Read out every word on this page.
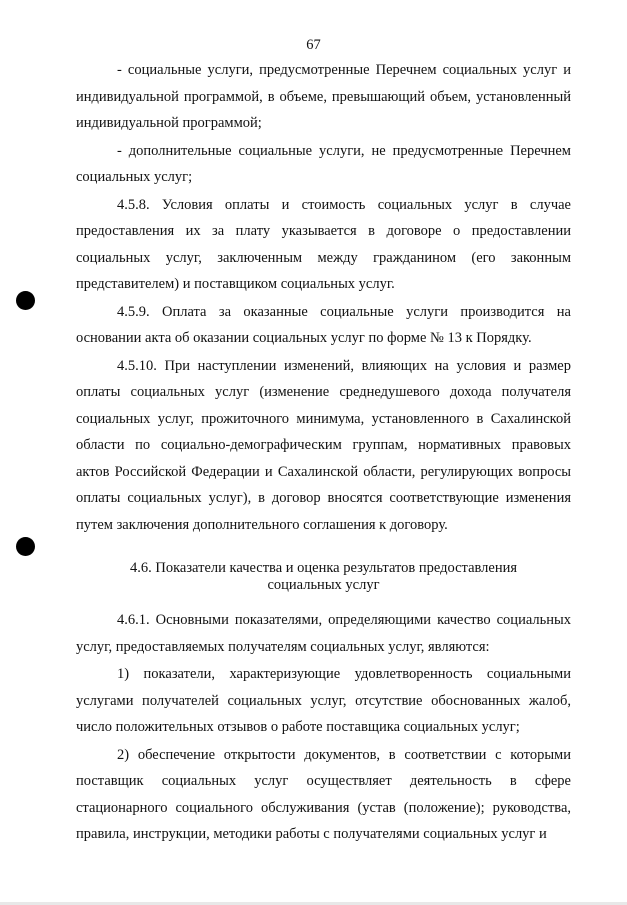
67

- социальные услуги, предусмотренные Перечнем социальных услуг и индивидуальной программой, в объеме, превышающий объем, установленный индивидуальной программой;

- дополнительные социальные услуги, не предусмотренные Перечнем социальных услуг;

4.5.8. Условия оплаты и стоимость социальных услуг в случае предоставления их за плату указывается в договоре о предоставлении социальных услуг, заключенным между гражданином (его законным представителем) и поставщиком социальных услуг.

4.5.9. Оплата за оказанные социальные услуги производится на основании акта об оказании социальных услуг по форме № 13 к Порядку.

4.5.10. При наступлении изменений, влияющих на условия и размер оплаты социальных услуг (изменение среднедушевого дохода получателя социальных услуг, прожиточного минимума, установленного в Сахалинской области по социально-демографическим группам, нормативных правовых актов Российской Федерации и Сахалинской области, регулирующих вопросы оплаты социальных услуг), в договор вносятся соответствующие изменения путем заключения дополнительного соглашения к договору.

4.6. Показатели качества и оценка результатов предоставления
социальных услуг

4.6.1. Основными показателями, определяющими качество социальных услуг, предоставляемых получателям социальных услуг, являются:

1) показатели, характеризующие удовлетворенность социальными услугами получателей социальных услуг, отсутствие обоснованных жалоб, число положительных отзывов о работе поставщика социальных услуг;

2) обеспечение открытости документов, в соответствии с которыми поставщик социальных услуг осуществляет деятельность в сфере стационарного социального обслуживания (устав (положение); руководства, правила, инструкции, методики работы с получателями социальных услуг и
